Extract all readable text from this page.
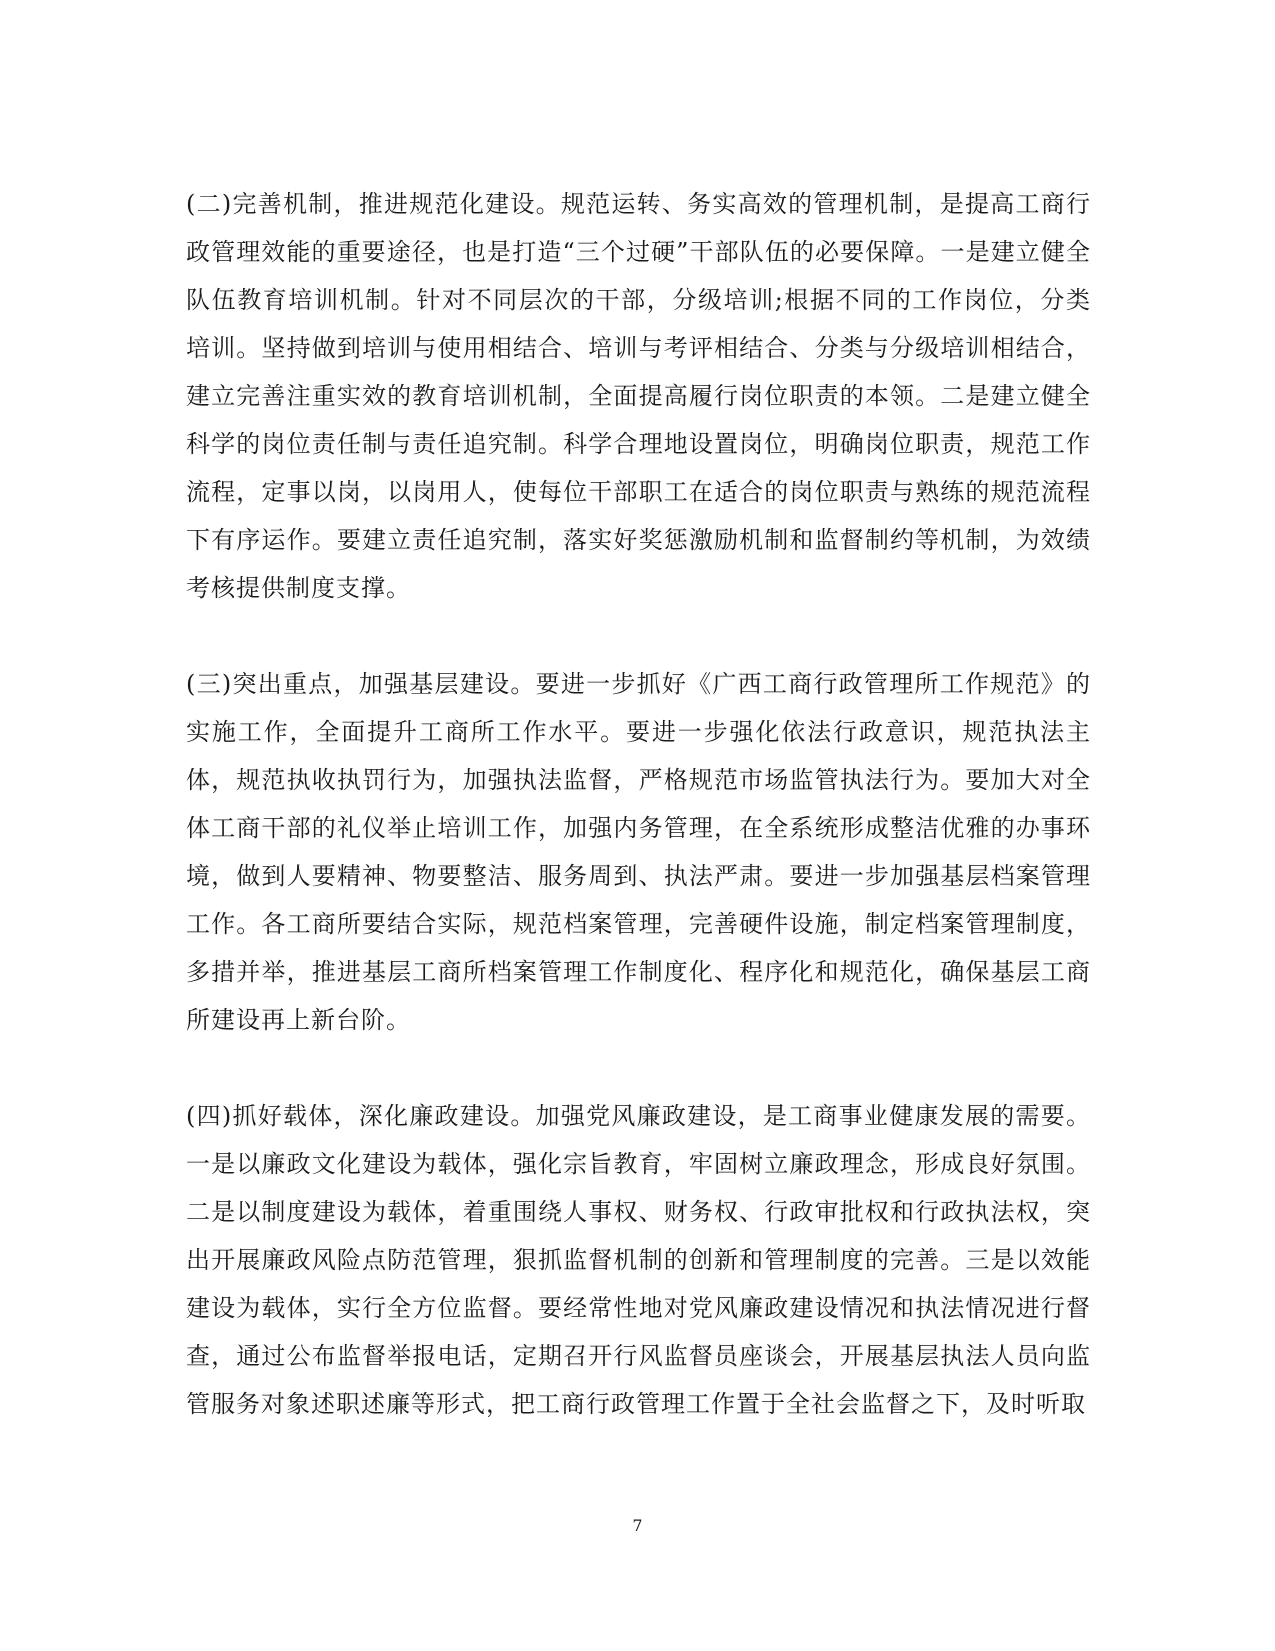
(二)完善机制，推进规范化建设。规范运转、务实高效的管理机制，是提高工商行政管理效能的重要途径，也是打造“三个过硬”干部队伍的必要保障。一是建立健全队伍教育培训机制。针对不同层次的干部，分级培训;根据不同的工作岗位，分类培训。坚持做到培训与使用相结合、培训与考评相结合、分类与分级培训相结合，建立完善注重实效的教育培训机制，全面提高履行岗位职责的本领。二是建立健全科学的岗位责任制与责任追究制。科学合理地设置岗位，明确岗位职责，规范工作流程，定事以岗，以岗用人，使每位干部职工在适合的岗位职责与熟练的规范流程下有序运作。要建立责任追究制，落实好奖惩激励机制和监督制约等机制，为效绩考核提供制度支撑。

(三)突出重点，加强基层建设。要进一步抓好《广西工商行政管理所工作规范》的实施工作，全面提升工商所工作水平。要进一步强化依法行政意识，规范执法主体，规范执收执罚行为，加强执法监督，严格规范市场监管执法行为。要加大对全体工商干部的礼仪举止培训工作，加强内务管理，在全系统形成整洁优雅的办事环境，做到人要精神、物要整洁、服务周到、执法严肃。要进一步加强基层档案管理工作。各工商所要结合实际，规范档案管理，完善硬件设施，制定档案管理制度，多措并举，推进基层工商所档案管理工作制度化、程序化和规范化，确保基层工商所建设再上新台阶。

(四)抓好载体，深化廉政建设。加强党风廉政建设，是工商事业健康发展的需要。一是以廉政文化建设为载体，强化宗旨教育，牢固树立廉政理念，形成良好氛围。二是以制度建设为载体，着重围绕人事权、财务权、行政审批权和行政执法权，突出开展廉政风险点防范管理，狠抓监督机制的创新和管理制度的完善。三是以效能建设为载体，实行全方位监督。要经常性地对党风廉政建设情况和执法情况进行督查，通过公布监督举报电话，定期召开行风监督员座谈会，开展基层执法人员向监管服务对象述职述廉等形式，把工商行政管理工作置于全社会监督之下，及时听取

7
